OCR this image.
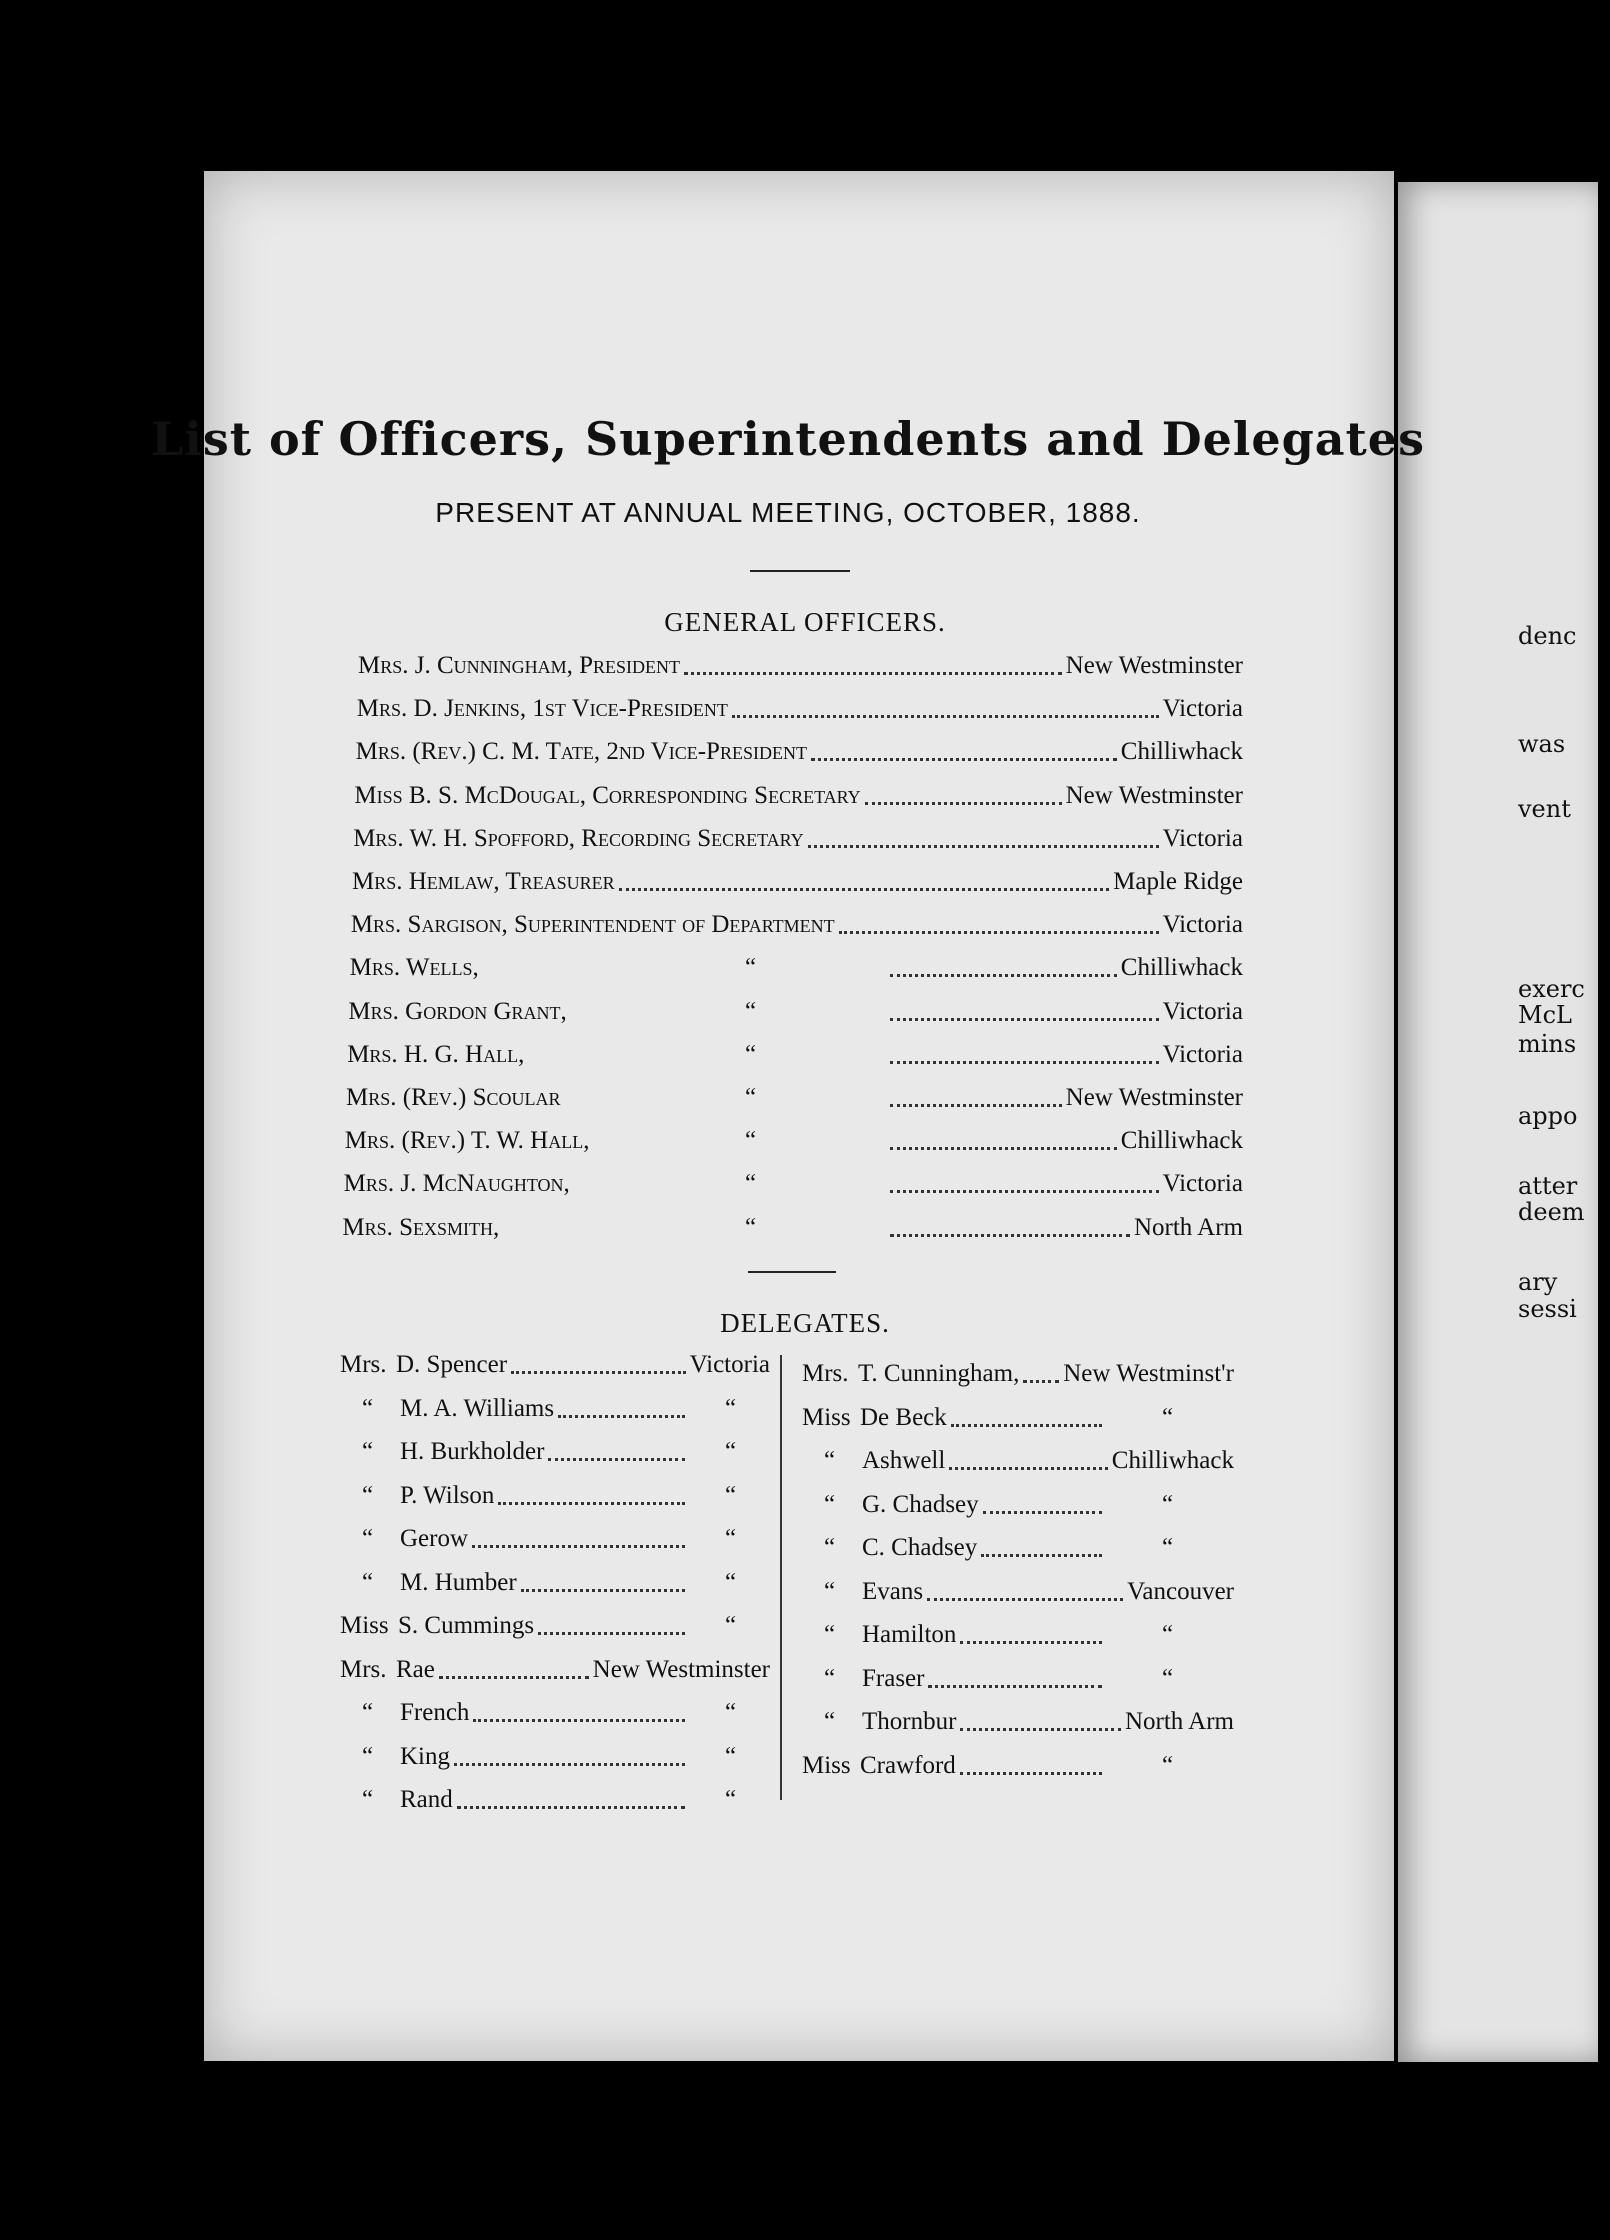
denc
was
vent
exerc
McL
mins
appo
atter
deem
ary
sessi
List of Officers, Superintendents and Delegates
PRESENT AT ANNUAL MEETING, OCTOBER, 1888.
GENERAL OFFICERS.
Mrs. J. Cunningham, President	New Westminster
Mrs. D. Jenkins, 1st Vice-President	Victoria
Mrs. (Rev.) C. M. Tate, 2nd Vice-President	Chilliwhack
Miss B. S. McDougal, Corresponding Secretary	New Westminster
Mrs. W. H. Spofford, Recording Secretary	Victoria
Mrs. Hemlaw, Treasurer	Maple Ridge
Mrs. Sargison, Superintendent of Department	Victoria
Mrs. Wells,	“	Chilliwhack
Mrs. Gordon Grant,	“	Victoria
Mrs. H. G. Hall,	“	Victoria
Mrs. (Rev.) Scoular	“	New Westminster
Mrs. (Rev.) T. W. Hall,	“	Chilliwhack
Mrs. J. McNaughton,	“	Victoria
Mrs. Sexsmith,	“	North Arm
DELEGATES.
Mrs. D. Spencer	Victoria
“ M. A. Williams	“
“ H. Burkholder	“
“ P. Wilson	“
“ Gerow	“
“ M. Humber	“
Miss S. Cummings	“
Mrs. Rae	New Westminster
“ French	“
“ King	“
“ Rand	“
Mrs. T. Cunningham, New Westminst'r
Miss De Beck	“
“ Ashwell	Chilliwhack
“ G. Chadsey	“
“ C. Chadsey	“
“ Evans	Vancouver
“ Hamilton	“
“ Fraser	“
“ Thornbur	North Arm
Miss Crawford	“
